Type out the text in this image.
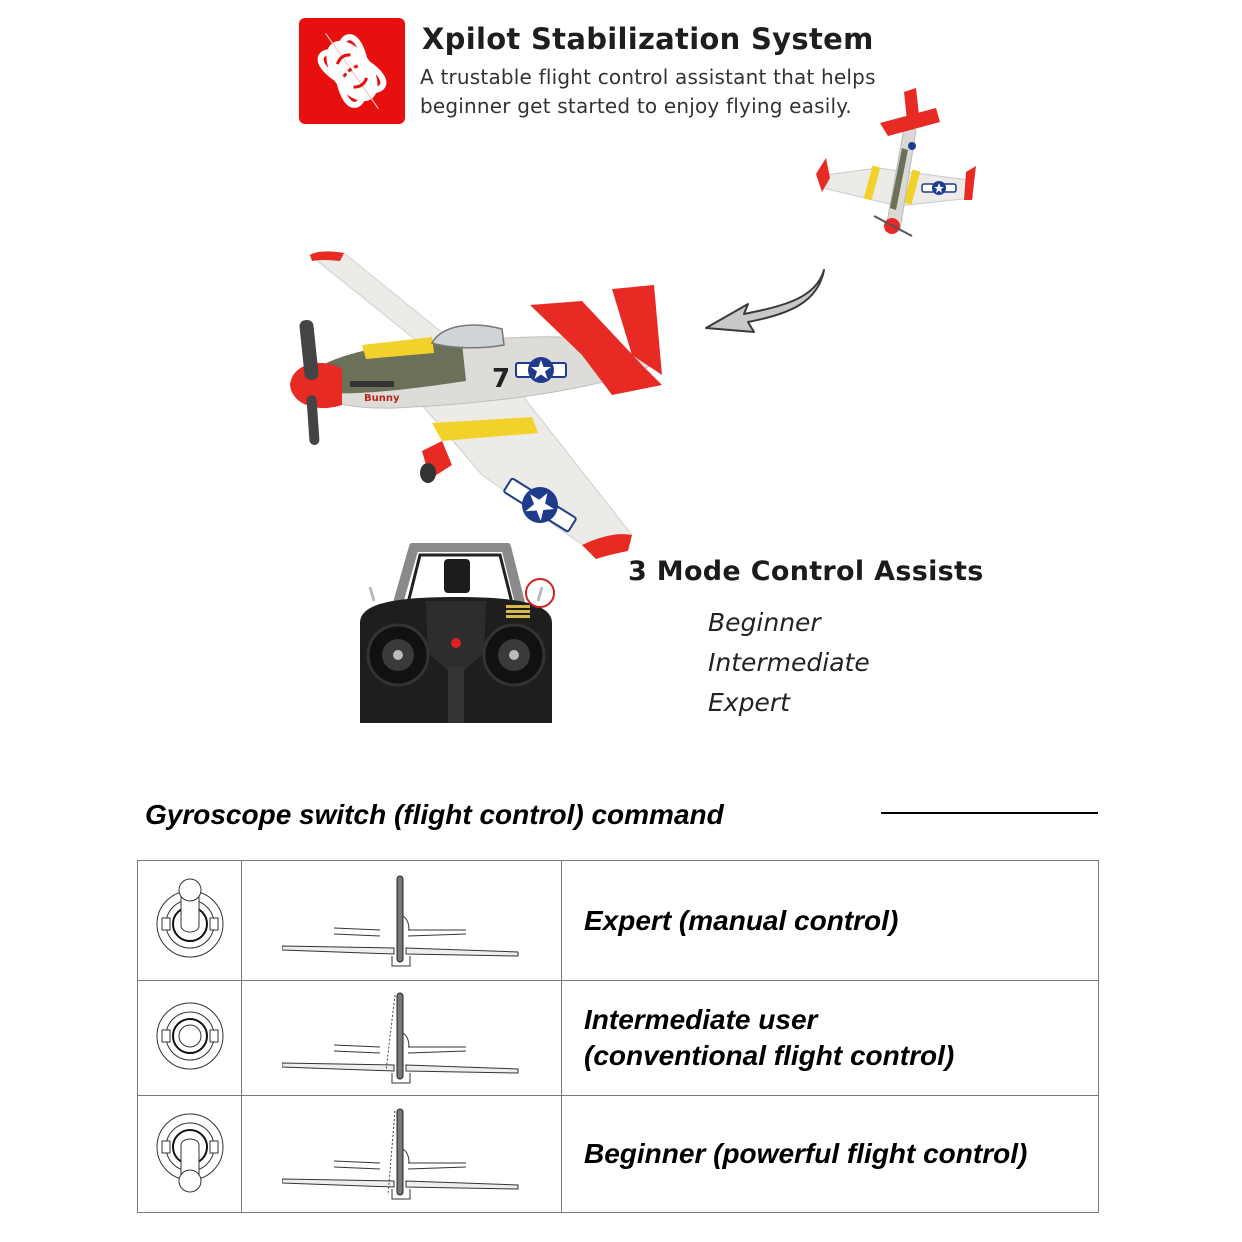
Xpilot Stabilization System
A trustable flight control assistant that helps
beginner get started to enjoy flying easily.
Bunny
7
3 Mode Control Assists
Beginner
Intermediate
Expert
Gyroscope switch (flight control) command

Expert (manual control)

Intermediate user
(conventional flight control)

Beginner (powerful flight control)
